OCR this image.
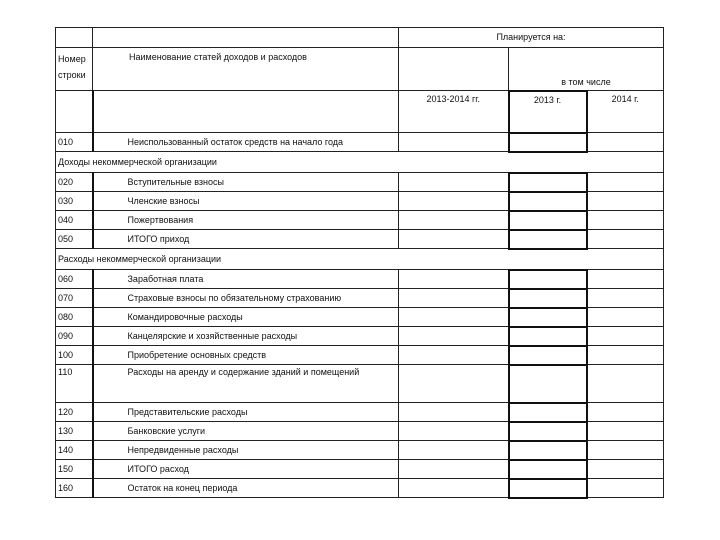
		Планируется на:		
Номер строки	Наименование статей доходов и расходов		в том числе	
		2013-2014 гг.	2013 г.	2014 г.
010	Неиспользованный остаток средств на начало года			
Доходы некоммерческой организации				
020	Вступительные взносы			
030	Членские взносы			
040	Пожертвования			
050	ИТОГО приход			
Расходы некоммерческой организации				
060	Заработная плата			
070	Страховые взносы по обязательному страхованию			
080	Командировочные расходы			
090	Канцелярские и хозяйственные расходы			
100	Приобретение основных средств			
110	Расходы на аренду и содержание зданий и помещений			
120	Представительские расходы			
130	Банковские услуги			
140	Непредвиденные расходы			
150	ИТОГО расход			
160	Остаток на конец периода			
